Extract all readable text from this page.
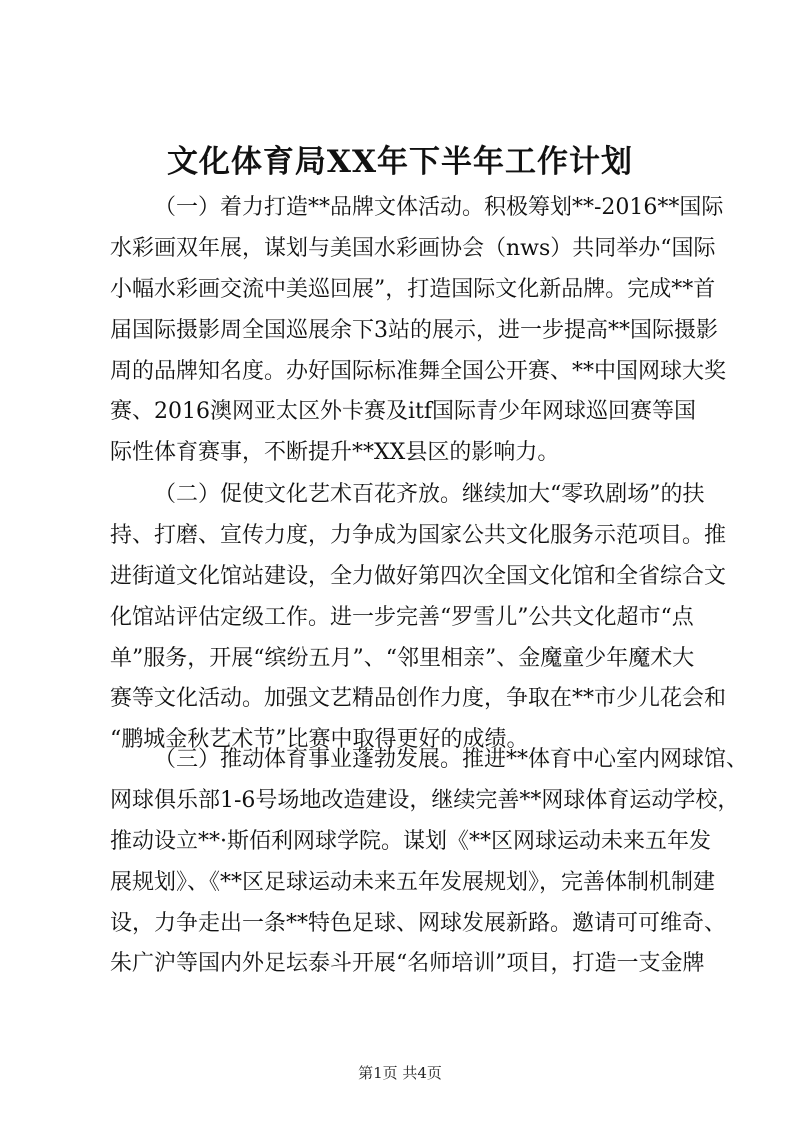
文化体育局XX年下半年工作计划
（一）着力打造**品牌文体活动。积极筹划**-2016**国际
水彩画双年展，谋划与美国水彩画协会（nws）共同举办“国际
小幅水彩画交流中美巡回展”，打造国际文化新品牌。完成**首
届国际摄影周全国巡展余下3站的展示，进一步提高**国际摄影
周的品牌知名度。办好国际标准舞全国公开赛、**中国网球大奖
赛、2016澳网亚太区外卡赛及itf国际青少年网球巡回赛等国
际性体育赛事，不断提升**XX县区的影响力。
（二）促使文化艺术百花齐放。继续加大“零玖剧场”的扶
持、打磨、宣传力度，力争成为国家公共文化服务示范项目。推
进街道文化馆站建设，全力做好第四次全国文化馆和全省综合文
化馆站评估定级工作。进一步完善“罗雪儿”公共文化超市“点
单”服务，开展“缤纷五月”、“邻里相亲”、金魔童少年魔术大
赛等文化活动。加强文艺精品创作力度，争取在**市少儿花会和
“鹏城金秋艺术节”比赛中取得更好的成绩。
（三）推动体育事业蓬勃发展。推进**体育中心室内网球馆、
网球俱乐部1-6号场地改造建设，继续完善**网球体育运动学校，
推动设立**·斯佰利网球学院。谋划《**区网球运动未来五年发
展规划》、《**区足球运动未来五年发展规划》，完善体制机制建
设，力争走出一条**特色足球、网球发展新路。邀请可可维奇、
朱广沪等国内外足坛泰斗开展“名师培训”项目，打造一支金牌
第1页 共4页
